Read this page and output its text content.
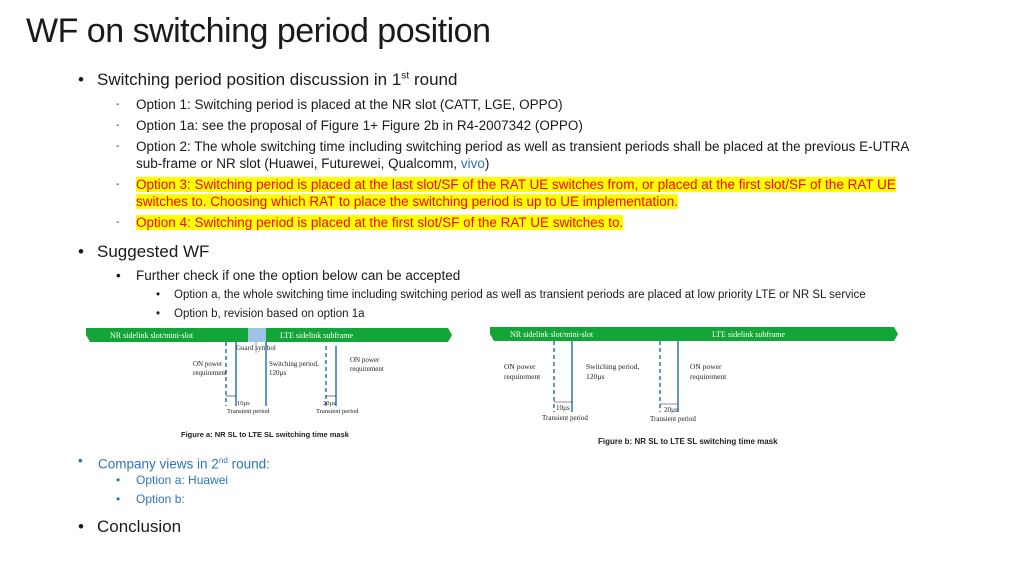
WF on switching period position
• Switching period position discussion in 1st round
- Option 1: Switching period is placed at the NR slot (CATT, LGE, OPPO)
- Option 1a: see the proposal of Figure 1+ Figure 2b in R4-2007342 (OPPO)
- Option 2: The whole switching time including switching period as well as transient periods shall be placed at the previous E-UTRA
sub-frame or NR slot (Huawei, Futurewei, Qualcomm, vivo)
- Option 3: Switching period is placed at the last slot/SF of the RAT UE switches from, or placed at the first slot/SF of the RAT UE
switches to. Choosing which RAT to place the switching period is up to UE implementation.
- Option 4: Switching period is placed at the first slot/SF of the RAT UE switches to.
• Suggested WF
• Further check if one the option below can be accepted
• Option a, the whole switching time including switching period as well as transient periods are placed at low priority LTE or NR SL service
• Option b, revision based on option 1a
NR sidelink slot/mini-slot	LTE sidelink subframe
Guard symbol
ON power
requirement
Switching period,
120µs
ON power
requirement
10µs
Transient period
20µs
Transient period
Figure a: NR SL to LTE SL switching time mask
NR sidelink slot/mini-slot	LTE sidelink subframe
ON power
requirement
Switching period,
120µs
ON power
requirement
10µs
Transient period
20µs
Transient period
Figure b: NR SL to LTE SL switching time mask
• Company views in 2nd round:
• Option a: Huawei
• Option b:
• Conclusion
